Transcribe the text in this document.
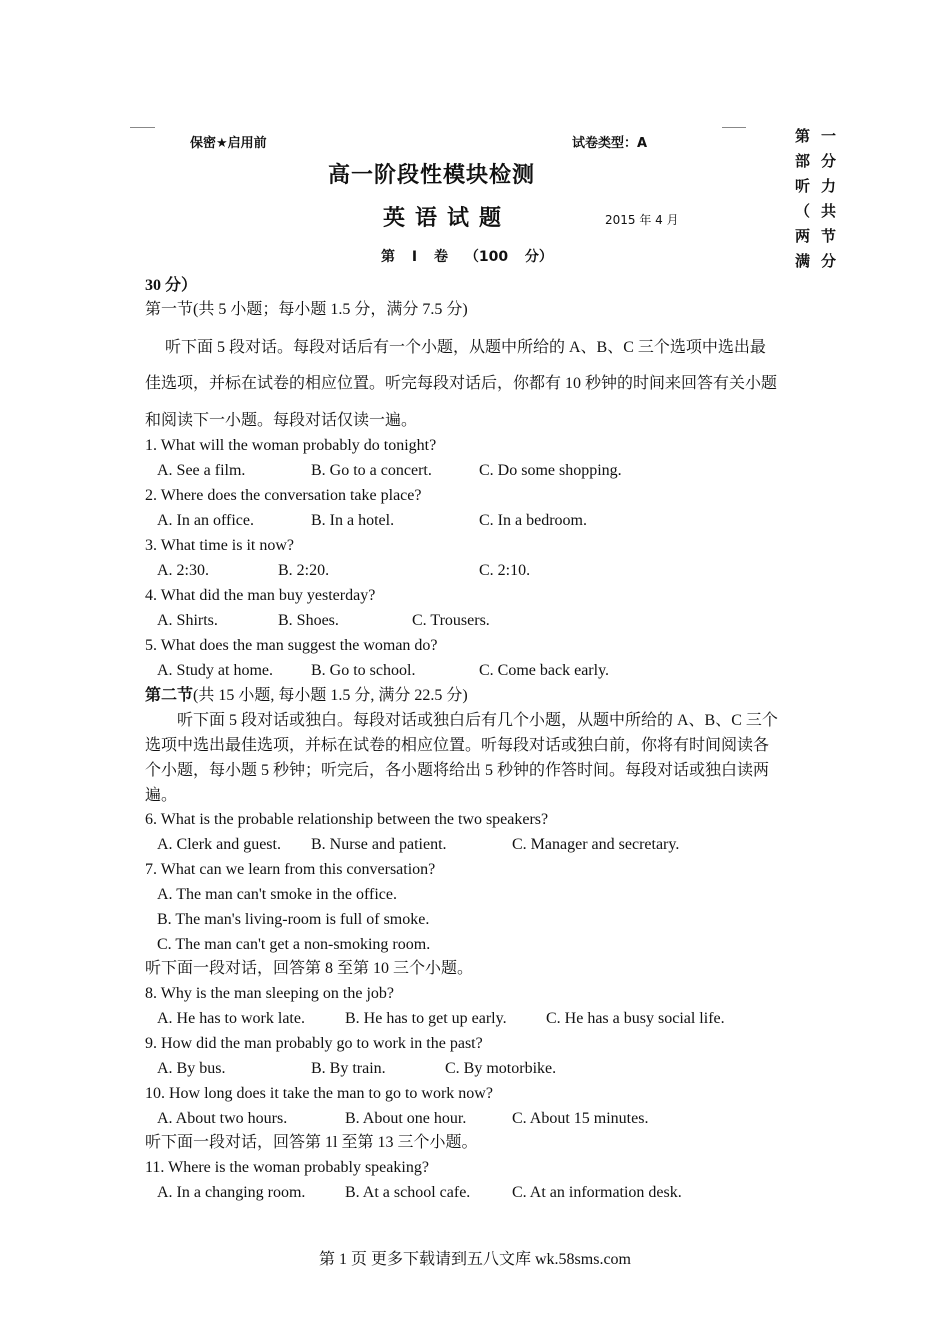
保密★启用前	试卷类型：A
高一阶段性模块检测
英语试题	2015 年 4 月
第 I 卷 （100 分）
第 一部 分听 力（ 共两 节满 分
30 分）
第一节(共 5 小题；每小题 1.5 分，满分 7.5 分)
听下面 5 段对话。每段对话后有一个小题，从题中所给的 A、B、C 三个选项中选出最
佳选项，并标在试卷的相应位置。听完每段对话后，你都有 10 秒钟的时间来回答有关小题
和阅读下一小题。每段对话仅读一遍。
1. What will the woman probably do tonight?
A. See a film.	B. Go to a concert.	C. Do some shopping.
2. Where does the conversation take place?
A. In an office.	B. In a hotel.	C. In a bedroom.
3. What time is it now?
A. 2:30.	B. 2:20.	C. 2:10.
4. What did the man buy yesterday?
A. Shirts.	B. Shoes.	C. Trousers.
5. What does the man suggest the woman do?
A. Study at home. B. Go to school.	C. Come back early.
第二节(共 15 小题, 每小题 1.5 分, 满分 22.5 分)
听下面 5 段对话或独白。每段对话或独白后有几个小题，从题中所给的 A、B、C 三个
选项中选出最佳选项，并标在试卷的相应位置。听每段对话或独白前，你将有时间阅读各
个小题，每小题 5 秒钟；听完后，各小题将给出 5 秒钟的作答时间。每段对话或独白读两
遍。
6. What is the probable relationship between the two speakers?
A. Clerk and guest. B. Nurse and patient.	C. Manager and secretary.
7. What can we learn from this conversation?
A. The man can't smoke in the office.
B. The man's living-room is full of smoke.
C. The man can't get a non-smoking room.
听下面一段对话，回答第 8 至第 10 三个小题。
8. Why is the man sleeping on the job?
A. He has to work late.	B. He has to get up early. C. He has a busy social life.
9. How did the man probably go to work in the past?
A. By bus.	B. By train.	C. By motorbike.
10. How long does it take the man to go to work now?
A. About two hours.	B. About one hour.	C. About 15 minutes.
听下面一段对话，回答第 1l 至第 13 三个小题。
11. Where is the woman probably speaking?
A. In a changing room. B. At a school cafe.	C. At an information desk.
第 1 页 更多下载请到五八文库 wk.58sms.com
